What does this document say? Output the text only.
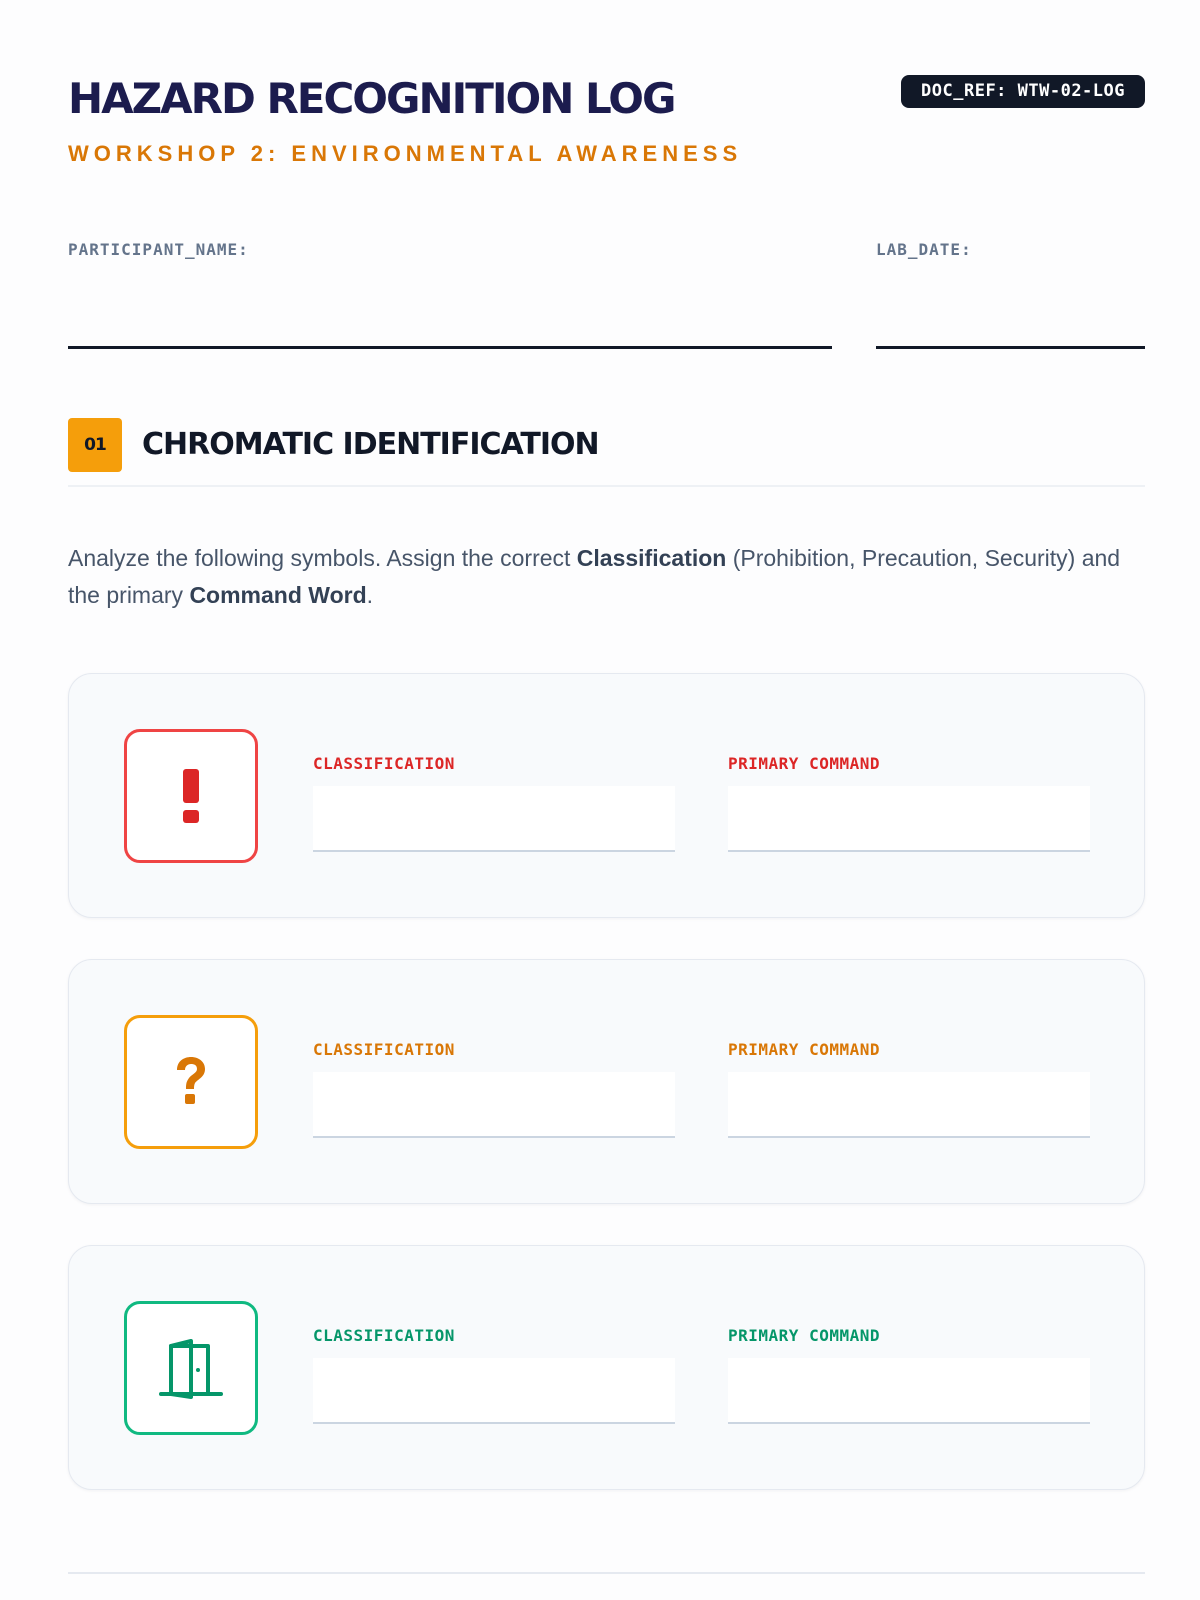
HAZARD RECOGNITION LOG
WORKSHOP 2: ENVIRONMENTAL AWARENESS
DOC_REF: WTW-02-LOG
PARTICIPANT_NAME:	LAB_DATE:
01	CHROMATIC IDENTIFICATION

Analyze the following symbols. Assign the correct Classification (Prohibition, Precaution, Security) and the primary Command Word.

CLASSIFICATION	PRIMARY COMMAND
CLASSIFICATION	PRIMARY COMMAND
CLASSIFICATION	PRIMARY COMMAND
